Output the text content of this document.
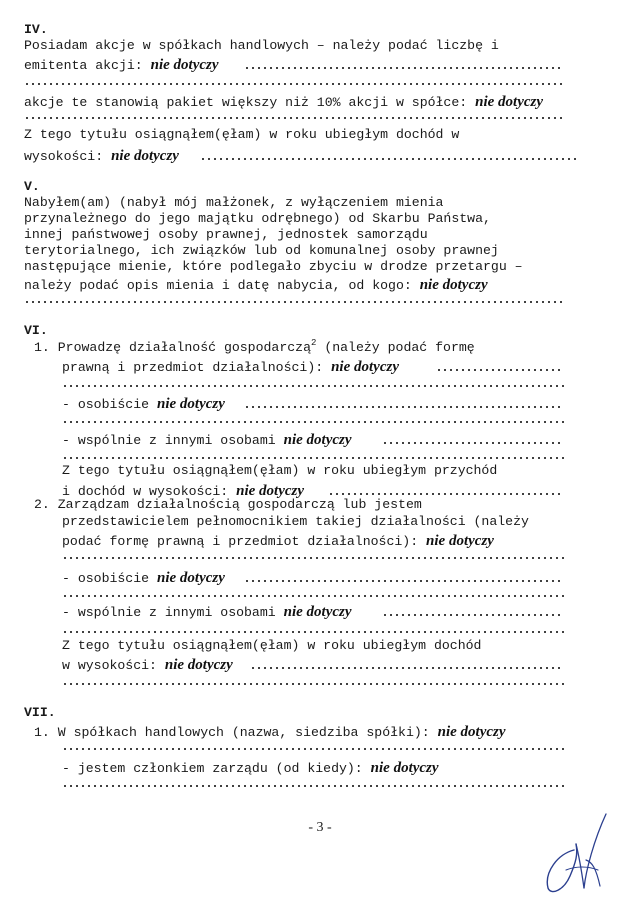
IV.
Posiadam akcje w spółkach handlowych – należy podać liczbę i
emitenta akcji: nie dotyczy
akcje te stanowią pakiet większy niż 10% akcji w spółce: nie dotyczy
Z tego tytułu osiągnąłem(ęłam) w roku ubiegłym dochód w
wysokości: nie dotyczy
V.
Nabyłem(am) (nabył mój małżonek, z wyłączeniem mienia
przynależnego do jego majątku odrębnego) od Skarbu Państwa,
innej państwowej osoby prawnej, jednostek samorządu
terytorialnego, ich związków lub od komunalnej osoby prawnej
następujące mienie, które podlegało zbyciu w drodze przetargu –
należy podać opis mienia i datę nabycia, od kogo: nie dotyczy
VI.
1. Prowadzę działalność gospodarczą$^2$ (należy podać formę
prawną i przedmiot działalności): nie dotyczy
- osobiście nie dotyczy
- wspólnie z innymi osobami nie dotyczy
Z tego tytułu osiągnąłem(ęłam) w roku ubiegłym przychód
i dochód w wysokości: nie dotyczy
2. Zarządzam działalnością gospodarczą lub jestem
przedstawicielem pełnomocnikiem takiej działalności (należy
podać formę prawną i przedmiot działalności): nie dotyczy
- osobiście nie dotyczy
- wspólnie z innymi osobami nie dotyczy
Z tego tytułu osiągnąłem(ęłam) w roku ubiegłym dochód
w wysokości: nie dotyczy
VII.
1. W spółkach handlowych (nazwa, siedziba spółki): nie dotyczy
- jestem członkiem zarządu (od kiedy): nie dotyczy
- 3 -
